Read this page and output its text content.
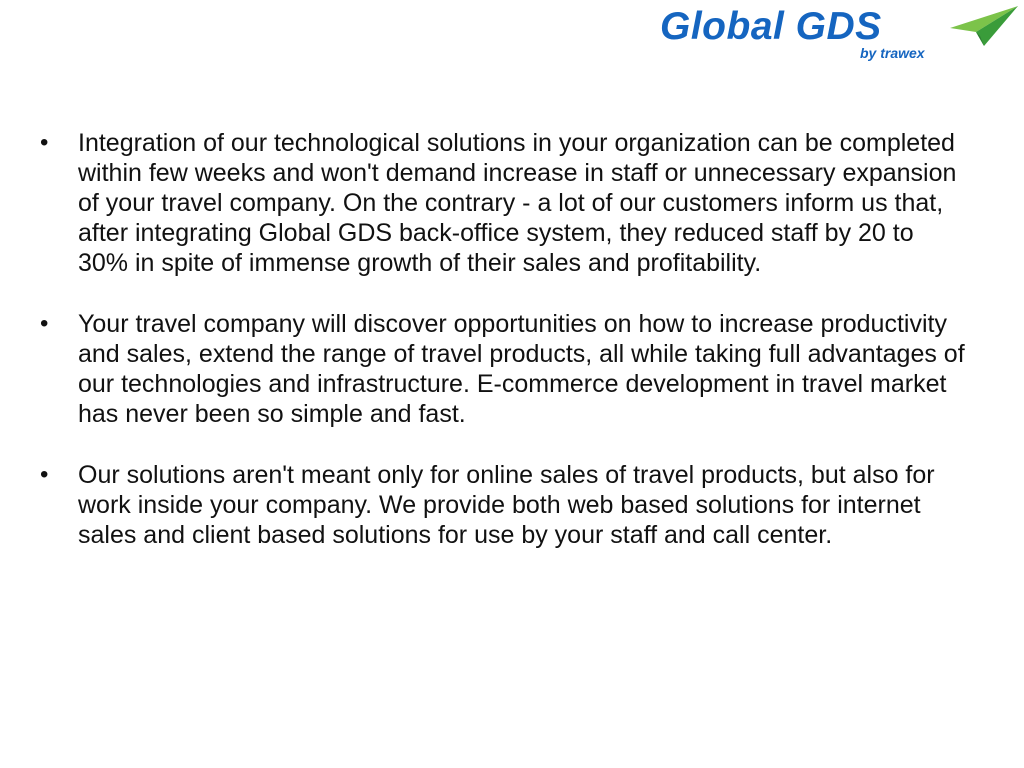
Global GDS
by trawex
• Integration of our technological solutions in your organization can be completed within few weeks and won't demand increase in staff or unnecessary expansion of your travel company. On the contrary - a lot of our customers inform us that, after integrating Global GDS back-office system, they reduced staff by 20 to 30% in spite of immense growth of their sales and profitability.
• Your travel company will discover opportunities on how to increase productivity and sales, extend the range of travel products, all while taking full advantages of our technologies and infrastructure. E-commerce development in travel market has never been so simple and fast.
• Our solutions aren't meant only for online sales of travel products, but also for work inside your company. We provide both web based solutions for internet sales and client based solutions for use by your staff and call center.
